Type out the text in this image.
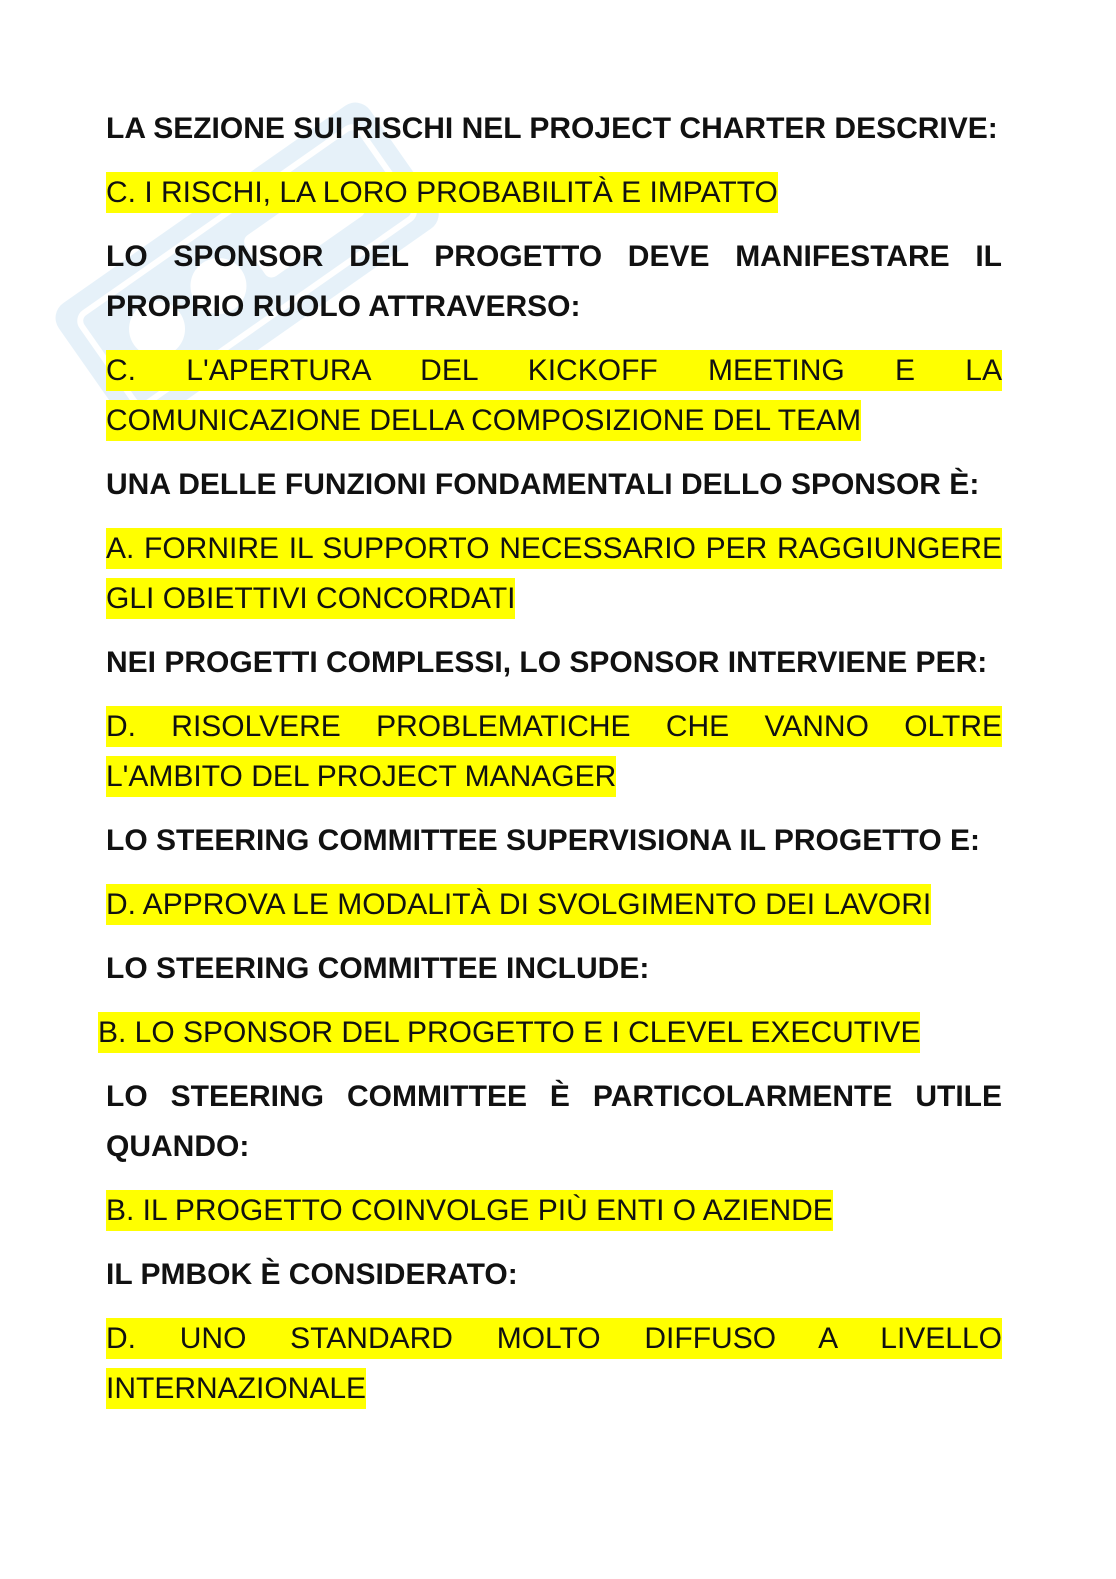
LA SEZIONE SUI RISCHI NEL PROJECT CHARTER DESCRIVE:
C. I RISCHI, LA LORO PROBABILITÀ E IMPATTO
LO SPONSOR DEL PROGETTO DEVE MANIFESTARE IL PROPRIO RUOLO ATTRAVERSO:
C. L'APERTURA DEL KICKOFF MEETING E LA COMUNICAZIONE DELLA COMPOSIZIONE DEL TEAM
UNA DELLE FUNZIONI FONDAMENTALI DELLO SPONSOR È:
A. FORNIRE IL SUPPORTO NECESSARIO PER RAGGIUNGERE GLI OBIETTIVI CONCORDATI
NEI PROGETTI COMPLESSI, LO SPONSOR INTERVIENE PER:
D. RISOLVERE PROBLEMATICHE CHE VANNO OLTRE L'AMBITO DEL PROJECT MANAGER
LO STEERING COMMITTEE SUPERVISIONA IL PROGETTO E:
D. APPROVA LE MODALITÀ DI SVOLGIMENTO DEI LAVORI
LO STEERING COMMITTEE INCLUDE:
B. LO SPONSOR DEL PROGETTO E I CLEVEL EXECUTIVE
LO STEERING COMMITTEE È PARTICOLARMENTE UTILE QUANDO:
B. IL PROGETTO COINVOLGE PIÙ ENTI O AZIENDE
IL PMBOK È CONSIDERATO:
D. UNO STANDARD MOLTO DIFFUSO A LIVELLO INTERNAZIONALE
